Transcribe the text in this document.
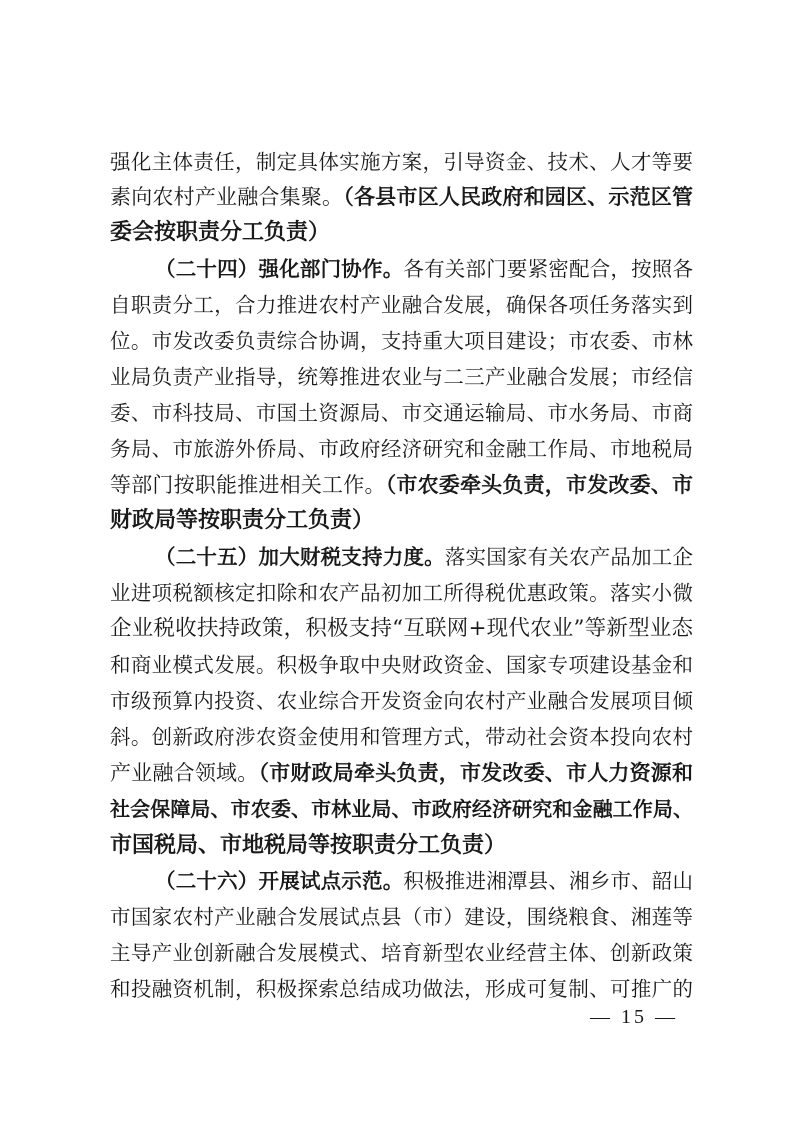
强化主体责任，制定具体实施方案，引导资金、技术、人才等要
素向农村产业融合集聚。（各县市区人民政府和园区、示范区管
委会按职责分工负责）
（二十四）强化部门协作。各有关部门要紧密配合，按照各
自职责分工，合力推进农村产业融合发展，确保各项任务落实到
位。市发改委负责综合协调，支持重大项目建设；市农委、市林
业局负责产业指导，统筹推进农业与二三产业融合发展；市经信
委、市科技局、市国土资源局、市交通运输局、市水务局、市商
务局、市旅游外侨局、市政府经济研究和金融工作局、市地税局
等部门按职能推进相关工作。（市农委牵头负责，市发改委、市
财政局等按职责分工负责）
（二十五）加大财税支持力度。落实国家有关农产品加工企
业进项税额核定扣除和农产品初加工所得税优惠政策。落实小微
企业税收扶持政策，积极支持“互联网+现代农业”等新型业态
和商业模式发展。积极争取中央财政资金、国家专项建设基金和
市级预算内投资、农业综合开发资金向农村产业融合发展项目倾
斜。创新政府涉农资金使用和管理方式，带动社会资本投向农村
产业融合领域。（市财政局牵头负责，市发改委、市人力资源和
社会保障局、市农委、市林业局、市政府经济研究和金融工作局、
市国税局、市地税局等按职责分工负责）
（二十六）开展试点示范。积极推进湘潭县、湘乡市、韶山
市国家农村产业融合发展试点县（市）建设，围绕粮食、湘莲等
主导产业创新融合发展模式、培育新型农业经营主体、创新政策
和投融资机制，积极探索总结成功做法，形成可复制、可推广的
— 15 —
